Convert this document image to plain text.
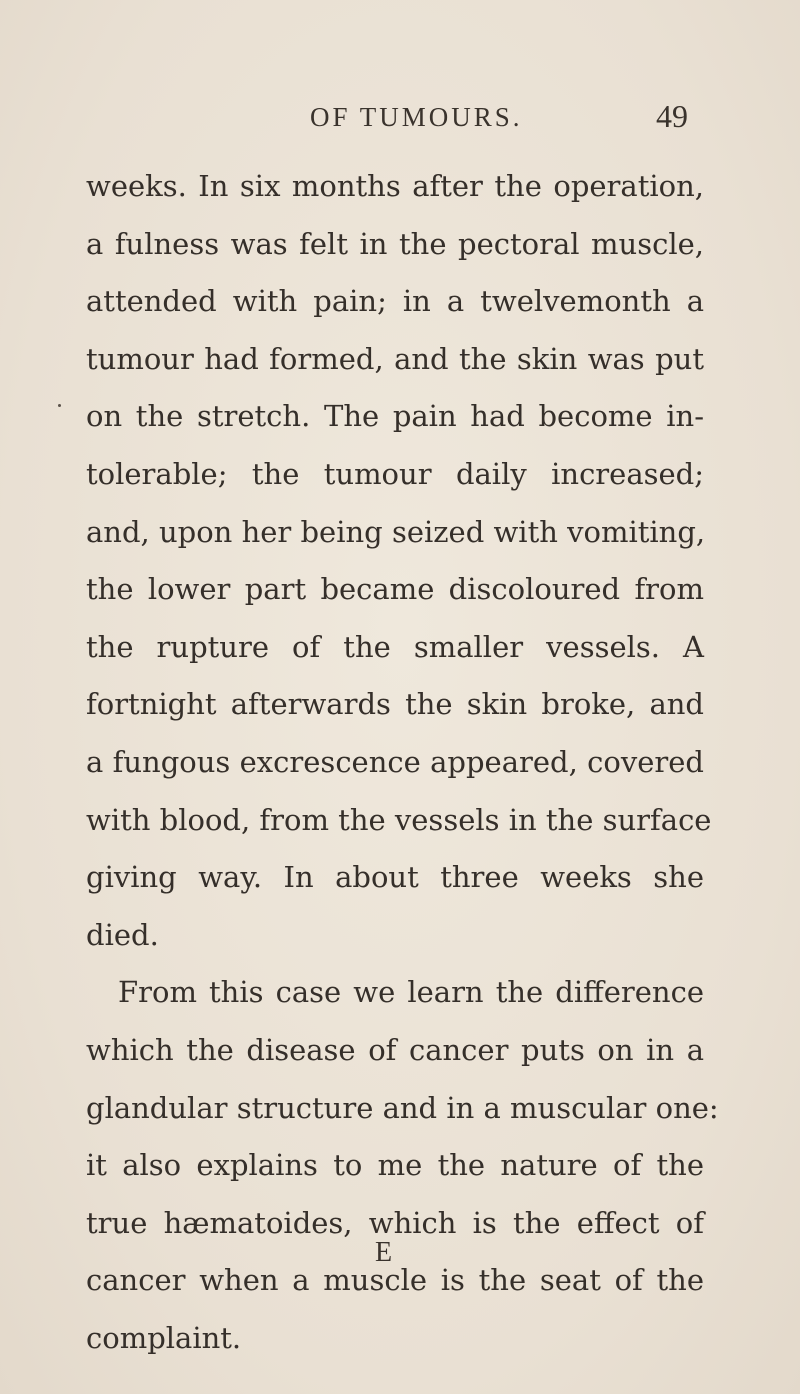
OF TUMOURS.	49
weeks. In six months after the operation,
a fulness was felt in the pectoral muscle,
attended with pain; in a twelvemonth a
tumour had formed, and the skin was put
on the stretch. The pain had become in-
tolerable; the tumour daily increased;
and, upon her being seized with vomiting,
the lower part became discoloured from
the rupture of the smaller vessels. A
fortnight afterwards the skin broke, and
a fungous excrescence appeared, covered
with blood, from the vessels in the surface
giving way. In about three weeks she
died.
From this case we learn the difference
which the disease of cancer puts on in a
glandular structure and in a muscular one:
it also explains to me the nature of the
true hæmatoides, which is the effect of
cancer when a muscle is the seat of the
complaint.
E
